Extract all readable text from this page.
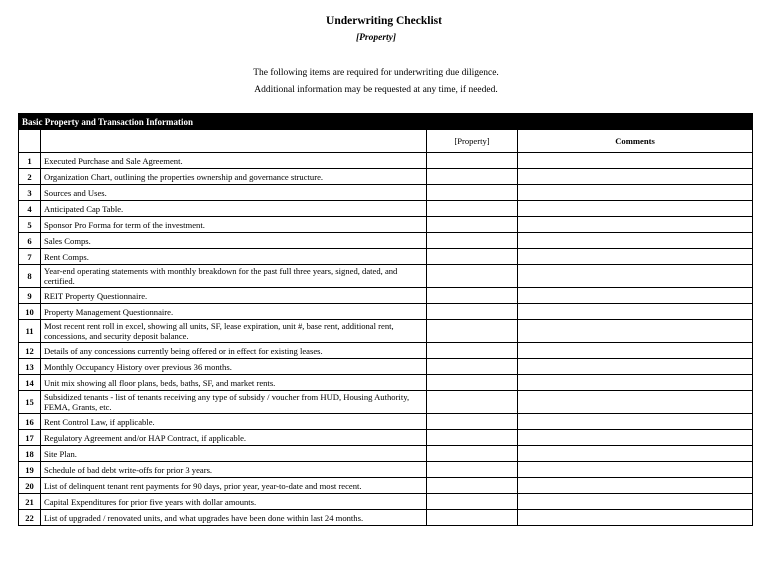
Underwriting Checklist
[Property]
The following items are required for underwriting due diligence.
Additional information may be requested at any time, if needed.
Basic Property and Transaction Information			
		[Property]	Comments
1	Executed Purchase and Sale Agreement.		
2	Organization Chart, outlining the properties ownership and governance structure.		
3	Sources and Uses.		
4	Anticipated Cap Table.		
5	Sponsor Pro Forma for term of the investment.		
6	Sales Comps.		
7	Rent Comps.		
8	Year-end operating statements with monthly breakdown for the past full three years, signed, dated, and certified.		
9	REIT Property Questionnaire.		
10	Property Management Questionnaire.		
11	Most recent rent roll in excel, showing all units, SF, lease expiration, unit #, base rent, additional rent, concessions, and security deposit balance.		
12	Details of any concessions currently being offered or in effect for existing leases.		
13	Monthly Occupancy History over previous 36 months.		
14	Unit mix showing all floor plans, beds, baths, SF, and market rents.		
15	Subsidized tenants - list of tenants receiving any type of subsidy / voucher from HUD, Housing Authority, FEMA, Grants, etc.		
16	Rent Control Law, if applicable.		
17	Regulatory Agreement and/or HAP Contract, if applicable.		
18	Site Plan.		
19	Schedule of bad debt write-offs for prior 3 years.		
20	List of delinquent tenant rent payments for 90 days, prior year, year-to-date and most recent.		
21	Capital Expenditures for prior five years with dollar amounts.		
22	List of upgraded / renovated units, and what upgrades have been done within last 24 months.		
